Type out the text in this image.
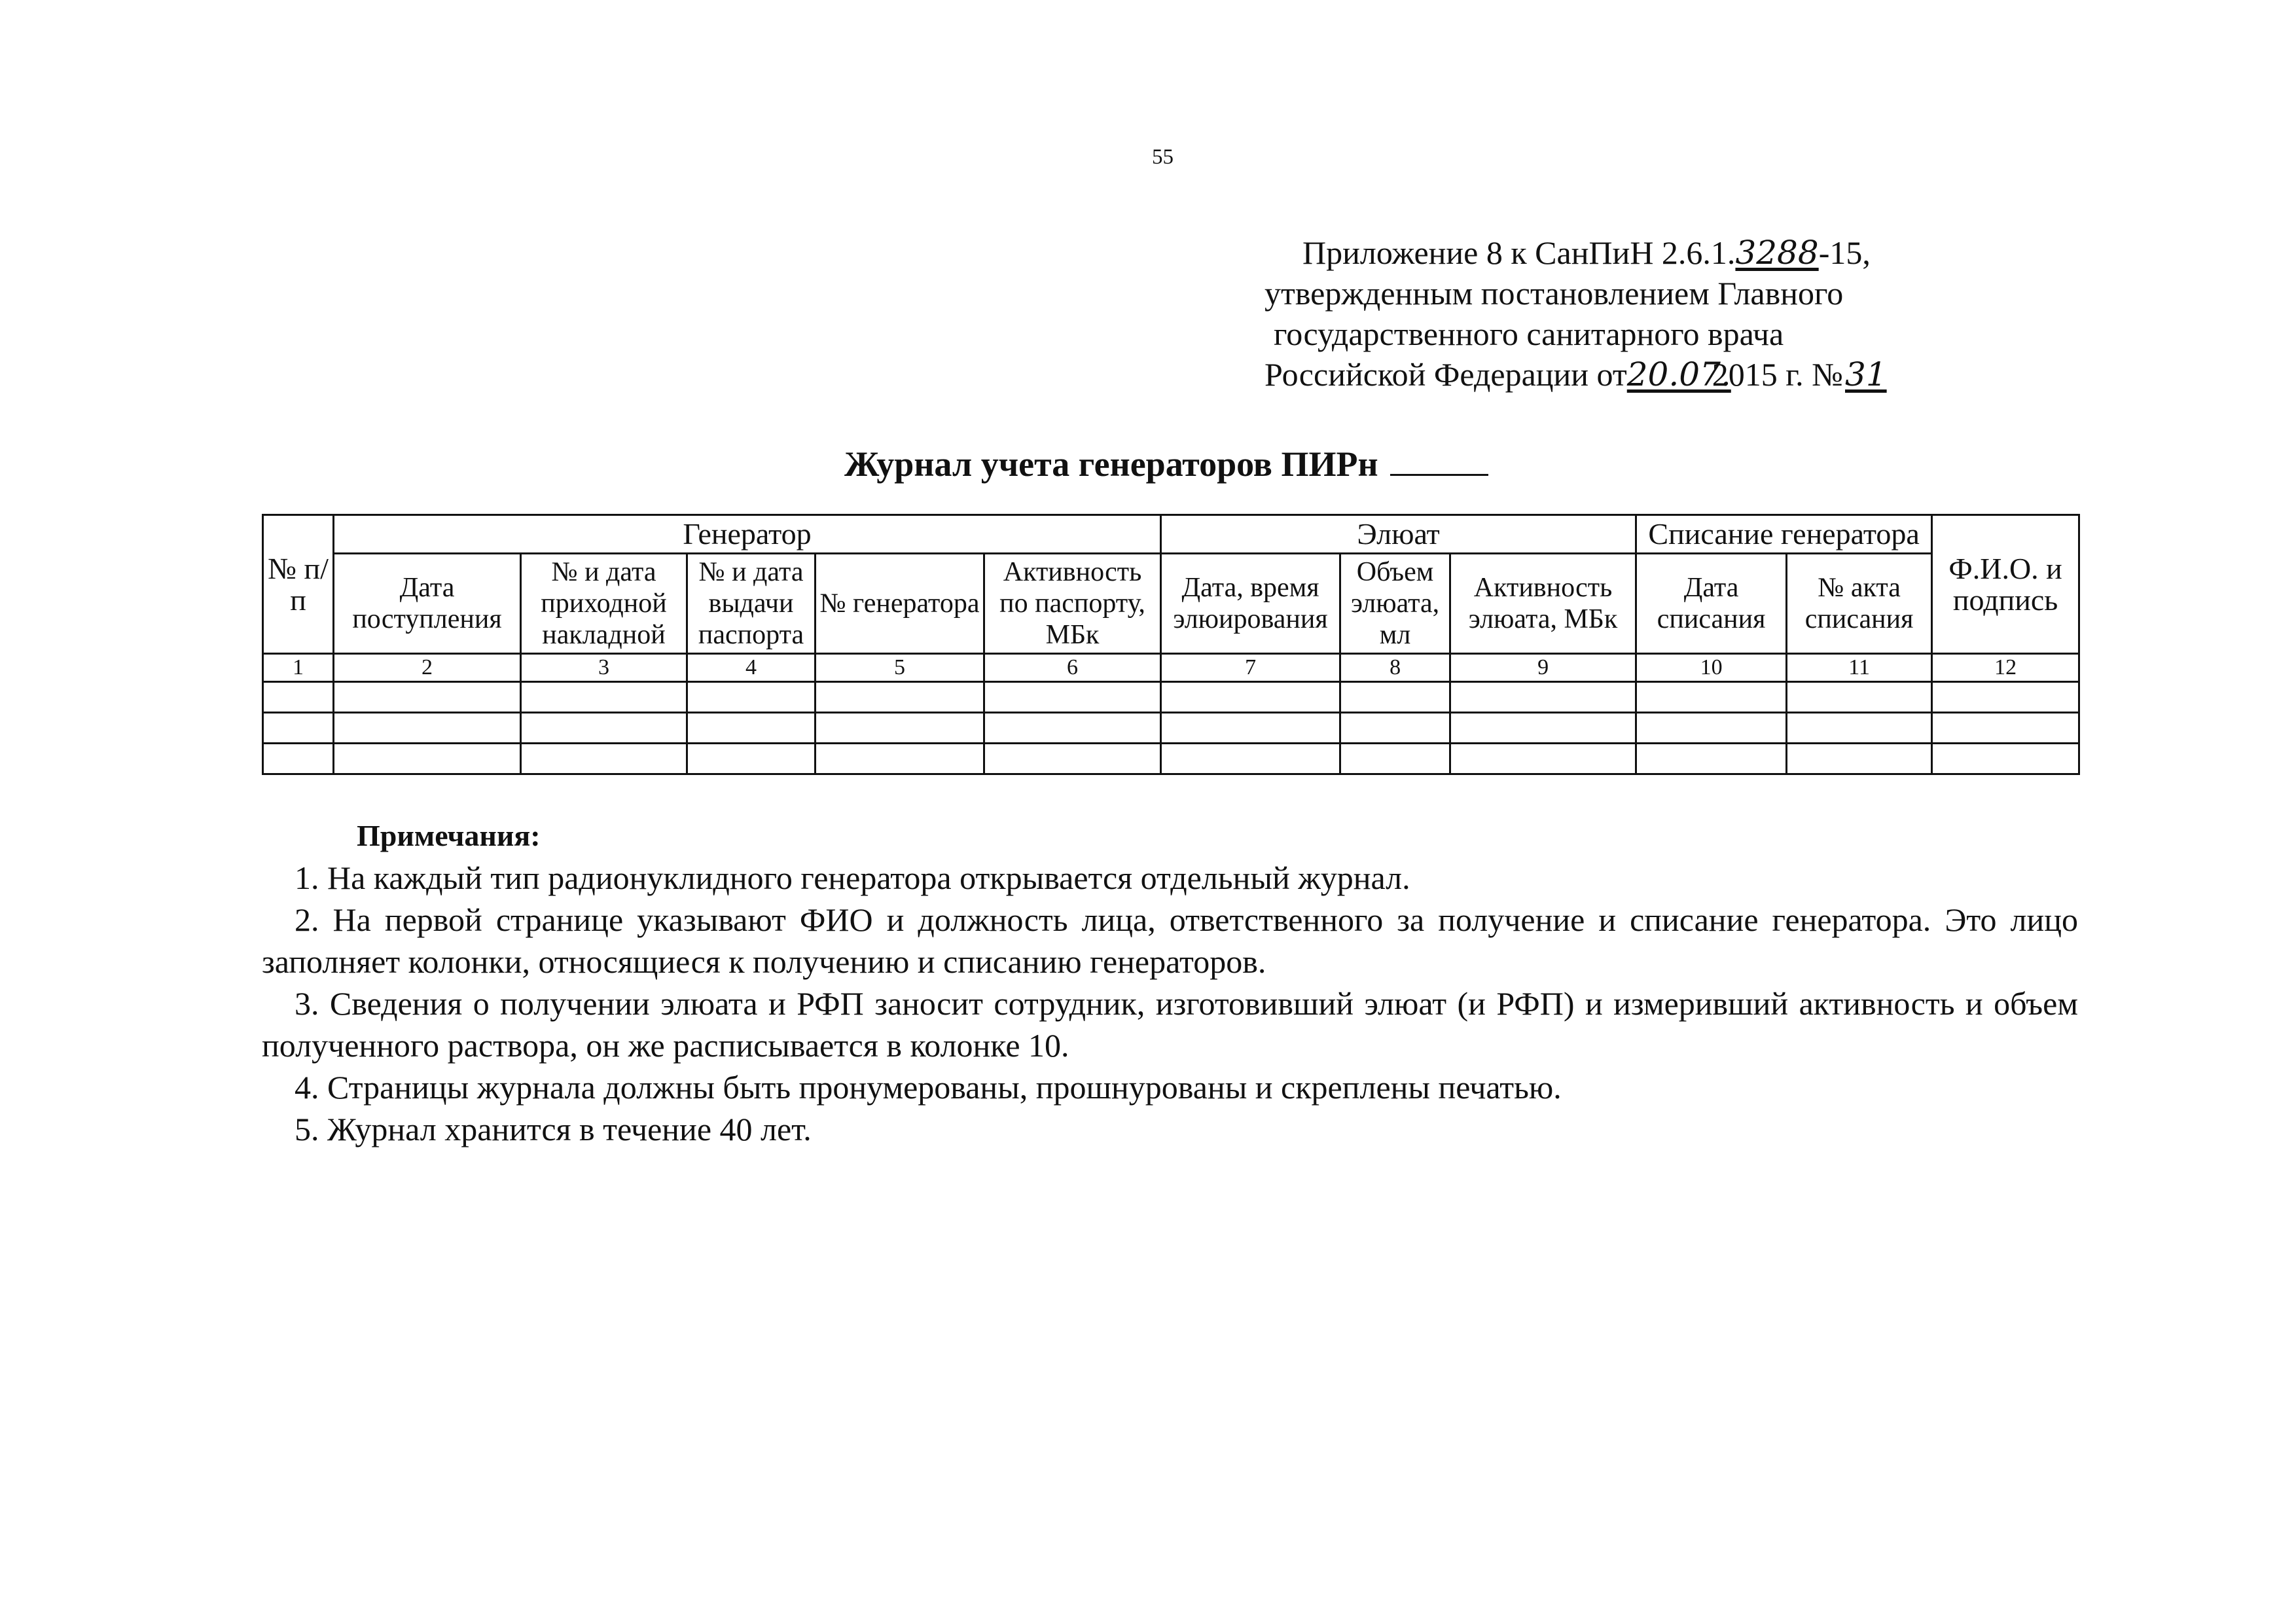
55
Приложение 8 к СанПиН 2.6.1.3288-15,
утвержденным постановлением Главного
государственного санитарного врача
Российской Федерации от20.07.2015 г. №31
Журнал учета генераторов ПИРн
№ п/п	Генератор					Элюат			Списание генератора		Ф.И.О. и подпись
	Дата поступления	№ и дата приходной накладной	№ и дата выдачи паспорта	№ генератора	Активность по паспорту, МБк	Дата, время элюирования	Объем элюата, мл	Активность элюата, МБк	Дата списания	№ акта списания	
1	2	3	4	5	6	7	8	9	10	11	12

Примечания:
1. На каждый тип радионуклидного генератора открывается отдельный журнал.
2. На первой странице указывают ФИО и должность лица, ответственного за получение и списание генератора. Это лицо заполняет колонки, относящиеся к получению и списанию генераторов.
3. Сведения о получении элюата и РФП заносит сотрудник, изготовивший элюат (и РФП) и измеривший активность и объем полученного раствора, он же расписывается в колонке 10.
4. Страницы журнала должны быть пронумерованы, прошнурованы и скреплены печатью.
5. Журнал хранится в течение 40 лет.
